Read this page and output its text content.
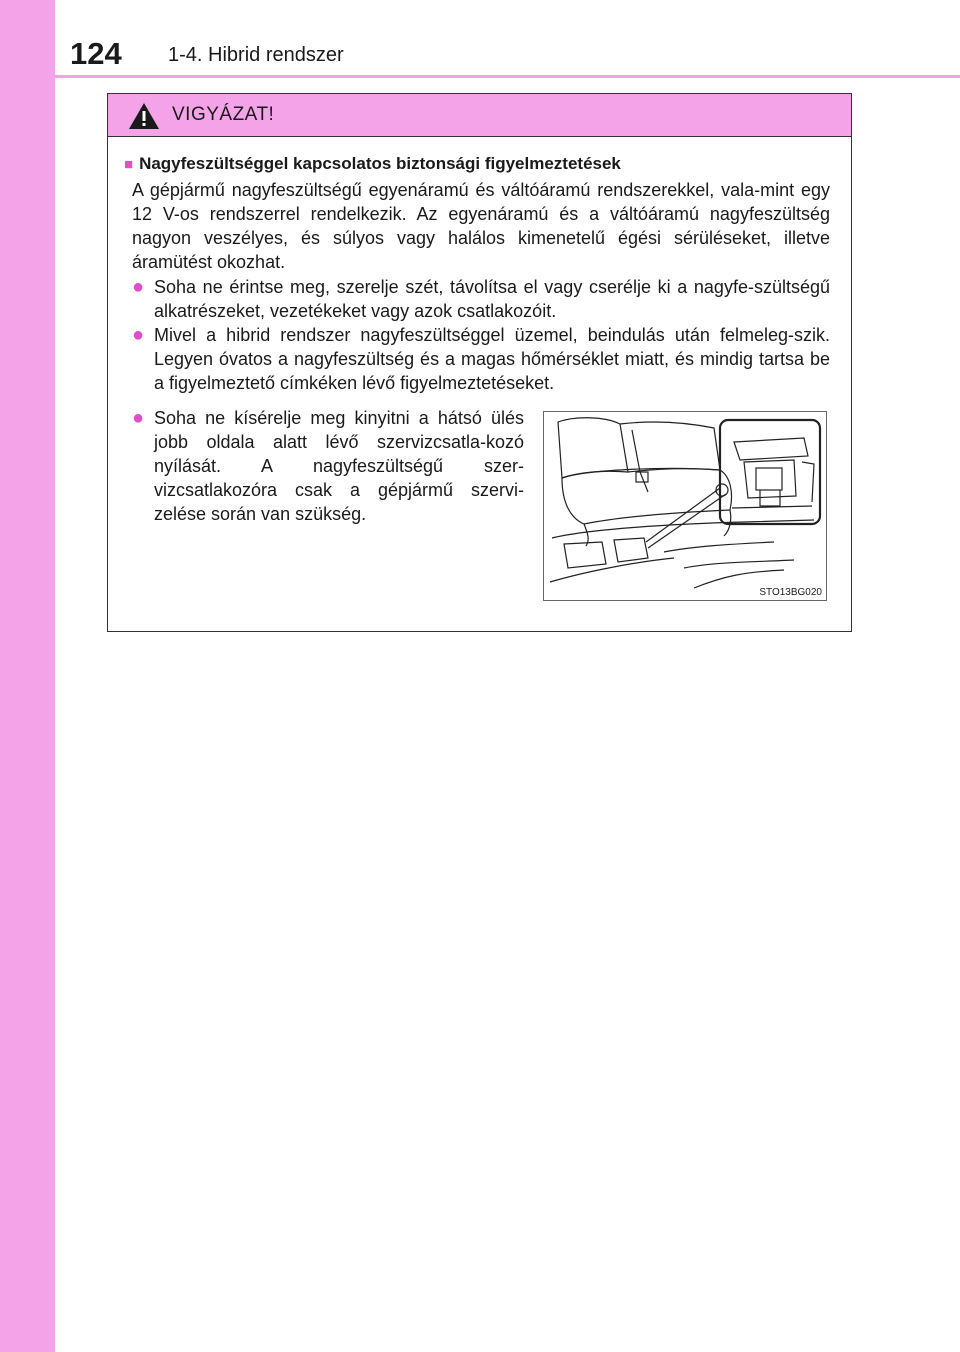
124 1-4. Hibrid rendszer
VIGYÁZAT!
■ Nagyfeszültséggel kapcsolatos biztonsági figyelmeztetések
A gépjármű nagyfeszültségű egyenáramú és váltóáramú rendszerekkel, vala-mint egy 12 V-os rendszerrel rendelkezik. Az egyenáramú és a váltóáramú nagyfeszültség nagyon veszélyes, és súlyos vagy halálos kimenetelű égési sérüléseket, illetve áramütést okozhat.
● Soha ne érintse meg, szerelje szét, távolítsa el vagy cserélje ki a nagyfe-szültségű alkatrészeket, vezetékeket vagy azok csatlakozóit.
● Mivel a hibrid rendszer nagyfeszültséggel üzemel, beindulás után felmeleg-szik. Legyen óvatos a nagyfeszültség és a magas hőmérséklet miatt, és mindig tartsa be a figyelmeztető címkéken lévő figyelmeztetéseket.
● Soha ne kísérelje meg kinyitni a hátsó ülés jobb oldala alatt lévő szervizcsatla-kozó nyílását. A nagyfeszültségű szer-vizcsatlakozóra csak a gépjármű szervi-zelése során van szükség.
STO13BG020
